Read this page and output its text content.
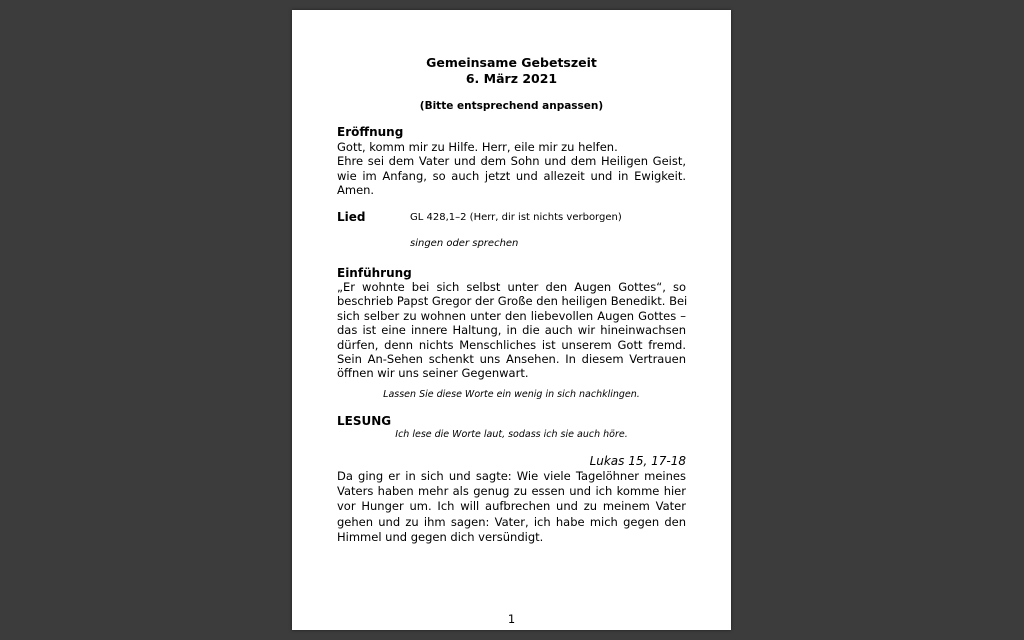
Gemeinsame Gebetszeit
6. März 2021
(Bitte entsprechend anpassen)
Eröffnung
Gott, komm mir zu Hilfe. Herr, eile mir zu helfen.
Ehre sei dem Vater und dem Sohn und dem Heiligen Geist,
wie im Anfang, so auch jetzt und allezeit und in Ewigkeit.
Amen.
Lied	GL 428,1–2 (Herr, dir ist nichts verborgen)
singen oder sprechen
Einführung
„Er wohnte bei sich selbst unter den Augen Gottes“, so
beschrieb Papst Gregor der Große den heiligen Benedikt. Bei
sich selber zu wohnen unter den liebevollen Augen Gottes –
das ist eine innere Haltung, in die auch wir hineinwachsen
dürfen, denn nichts Menschliches ist unserem Gott fremd.
Sein An-Sehen schenkt uns Ansehen. In diesem Vertrauen
öffnen wir uns seiner Gegenwart.
Lassen Sie diese Worte ein wenig in sich nachklingen.
LESUNG
Ich lese die Worte laut, sodass ich sie auch höre.
Lukas 15, 17-18
Da ging er in sich und sagte: Wie viele Tagelöhner meines
Vaters haben mehr als genug zu essen und ich komme hier
vor Hunger um. Ich will aufbrechen und zu meinem Vater
gehen und zu ihm sagen: Vater, ich habe mich gegen den
Himmel und gegen dich versündigt.
1
